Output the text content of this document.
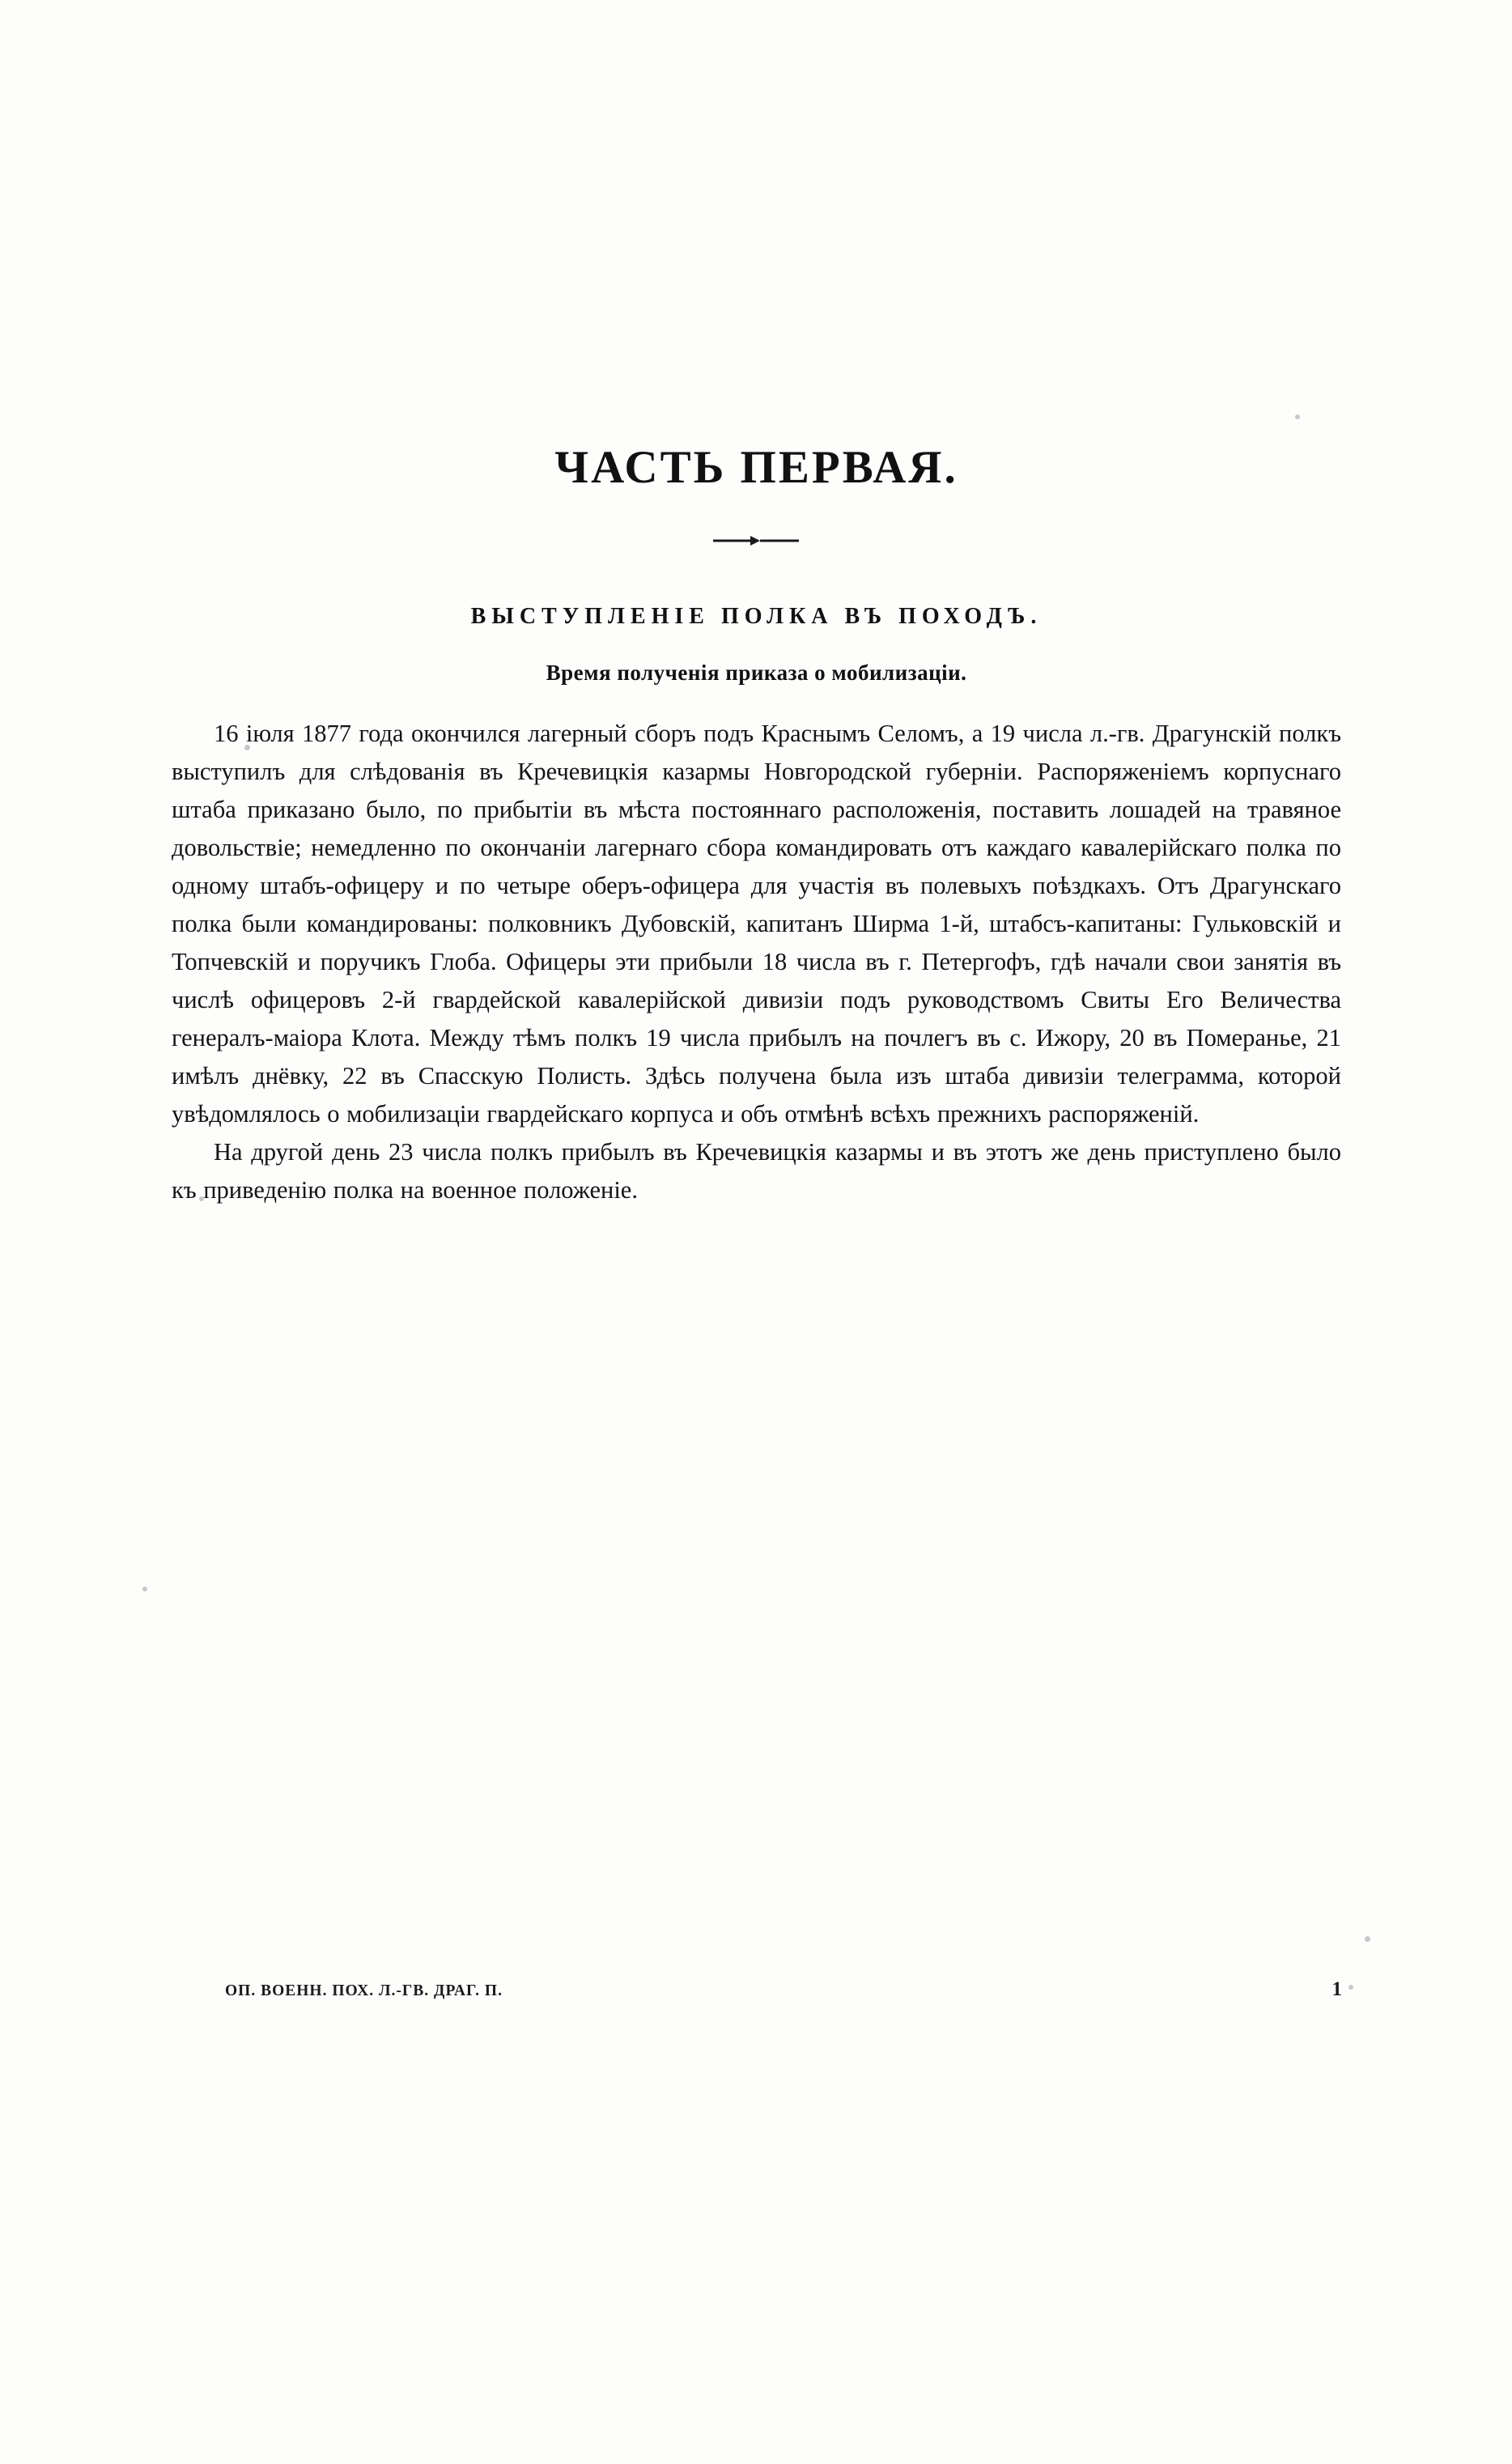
ЧАСТЬ ПЕРВАЯ.
ВЫСТУПЛЕНІЕ ПОЛКА ВЪ ПОХОДЪ.
Время полученія приказа о мобилизаціи.

16 іюля 1877 года окончился лагерный сборъ подъ Краснымъ Селомъ, а 19 числа л.-гв. Драгунскій полкъ выступилъ для слѣдованія въ Кречевицкія казармы Новгородской губерніи. Распоряженіемъ корпуснаго штаба приказано было, по прибытіи въ мѣста постояннаго расположенія, поставить лошадей на травяное довольствіе; немедленно по окончаніи лагернаго сбора командировать отъ каждаго кавалерійскаго полка по одному штабъ-офицеру и по четыре оберъ-офицера для участія въ полевыхъ поѣздкахъ. Отъ Драгунскаго полка были командированы: полковникъ Дубовскій, капитанъ Ширма 1-й, штабсъ-капитаны: Гульковскій и Топчевскій и поручикъ Глоба. Офицеры эти прибыли 18 числа въ г. Петергофъ, гдѣ начали свои занятія въ числѣ офицеровъ 2-й гвардейской кавалерійской дивизіи подъ руководствомъ Свиты Его Величества генералъ-маіора Клота. Между тѣмъ полкъ 19 числа прибылъ на почлегъ въ с. Ижору, 20 въ Померанье, 21 имѣлъ днёвку, 22 въ Спасскую Полисть. Здѣсь получена была изъ штаба дивизіи телеграмма, которой увѣдомлялось о мобилизаціи гвардейскаго корпуса и объ отмѣнѣ всѣхъ прежнихъ распоряженій.

На другой день 23 числа полкъ прибылъ въ Кречевицкія казармы и въ этотъ же день приступлено было къ приведенію полка на военное положеніе.

ОП. ВОЕНН. ПОХ. Л.-ГВ. ДРАГ. П.	1
